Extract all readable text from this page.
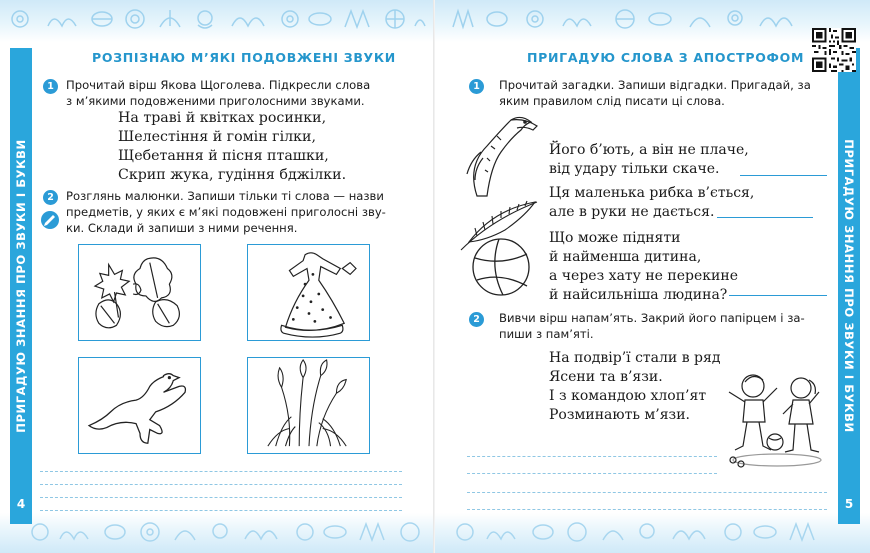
ПРИГАДУЮ ЗНАННЯ ПРО ЗВУКИ І БУКВИ
4
РОЗПІЗНАЮ М’ЯКІ ПОДОВЖЕНІ ЗВУКИ
1	Прочитай вірш Якова Щоголева. Підкресли слова
з м’якими подовженими приголосними звуками.
На траві й квітках росинки,
Шелестіння й гомін гілки,
Щебетання й пісня пташки,
Скрип жука, гудіння бджілки.
2	Розглянь малюнки. Запиши тільки ті слова — назви
предметів, у яких є м’які подовжені приголосні зву-
ки. Склади й запиши з ними речення.	ПРИГАДУЮ ЗНАННЯ ПРО ЗВУКИ І БУКВИ
5
ПРИГАДУЮ СЛОВА З АПОСТРОФОМ
1	Прочитай загадки. Запиши відгадки. Пригадай, за
яким правилом слід писати ці слова.
Його б’ють, а він не плаче,
від удару тільки скаче.
Ця маленька рибка в’ється,
але в руки не дається.
Що може підняти
й найменша дитина,
а через хату не перекине
й найсильніша людина?
2	Вивчи вірш напам’ять. Закрий його папірцем і за-
пиши з пам’яті.
На подвір’ї стали в ряд
Ясени та в’язи.
І з командою хлоп’ят
Розминають м’язи.
